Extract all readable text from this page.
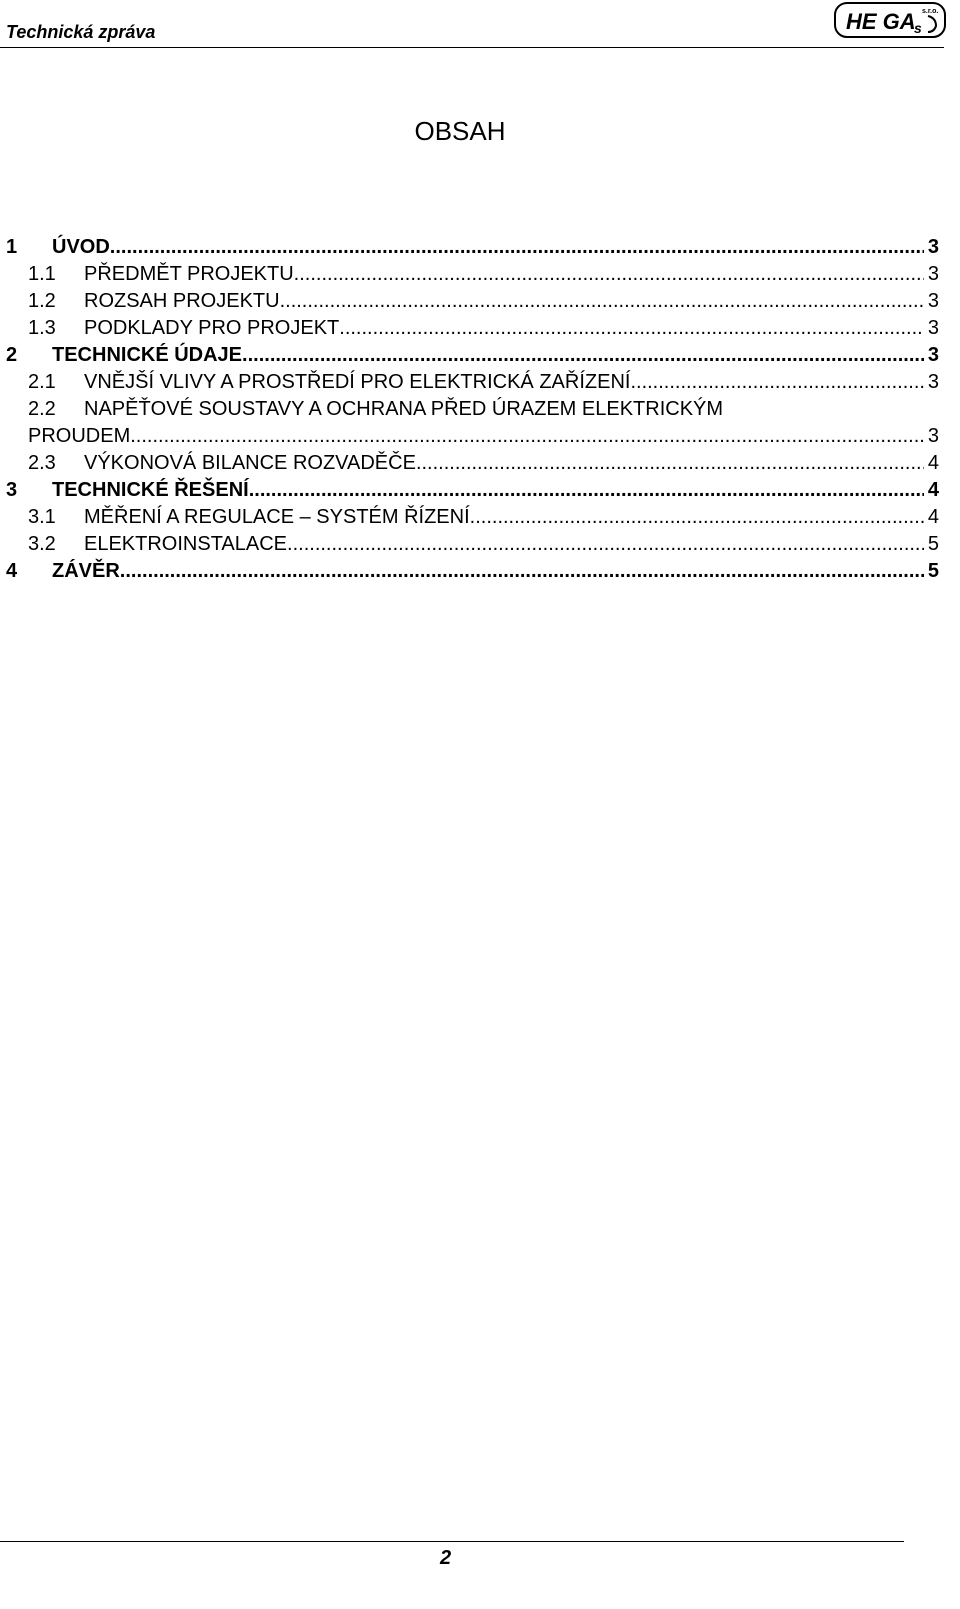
Technická zpráva	HE GA
s
s.r.o.
OBSAH
1	ÚVOD .....	3
1.1	PŘEDMĚT PROJEKTU .....	3
1.2	ROZSAH PROJEKTU .....	3
1.3	PODKLADY PRO PROJEKT .....	3
2	TECHNICKÉ ÚDAJE .....	3
2.1	VNĚJŠÍ VLIVY A PROSTŘEDÍ PRO ELEKTRICKÁ ZAŘÍZENÍ .....	3
2.2 NAPĚŤOVÉ SOUSTAVY A OCHRANA PŘED ÚRAZEM ELEKTRICKÝM
PROUDEM .....	3
2.3	VÝKONOVÁ BILANCE ROZVADĚČE .....	4
3	TECHNICKÉ ŘEŠENÍ .....	4
3.1	MĚŘENÍ A REGULACE – SYSTÉM ŘÍZENÍ .....	4
3.2	ELEKTROINSTALACE .....	5
4	ZÁVĚR .....	5
2
